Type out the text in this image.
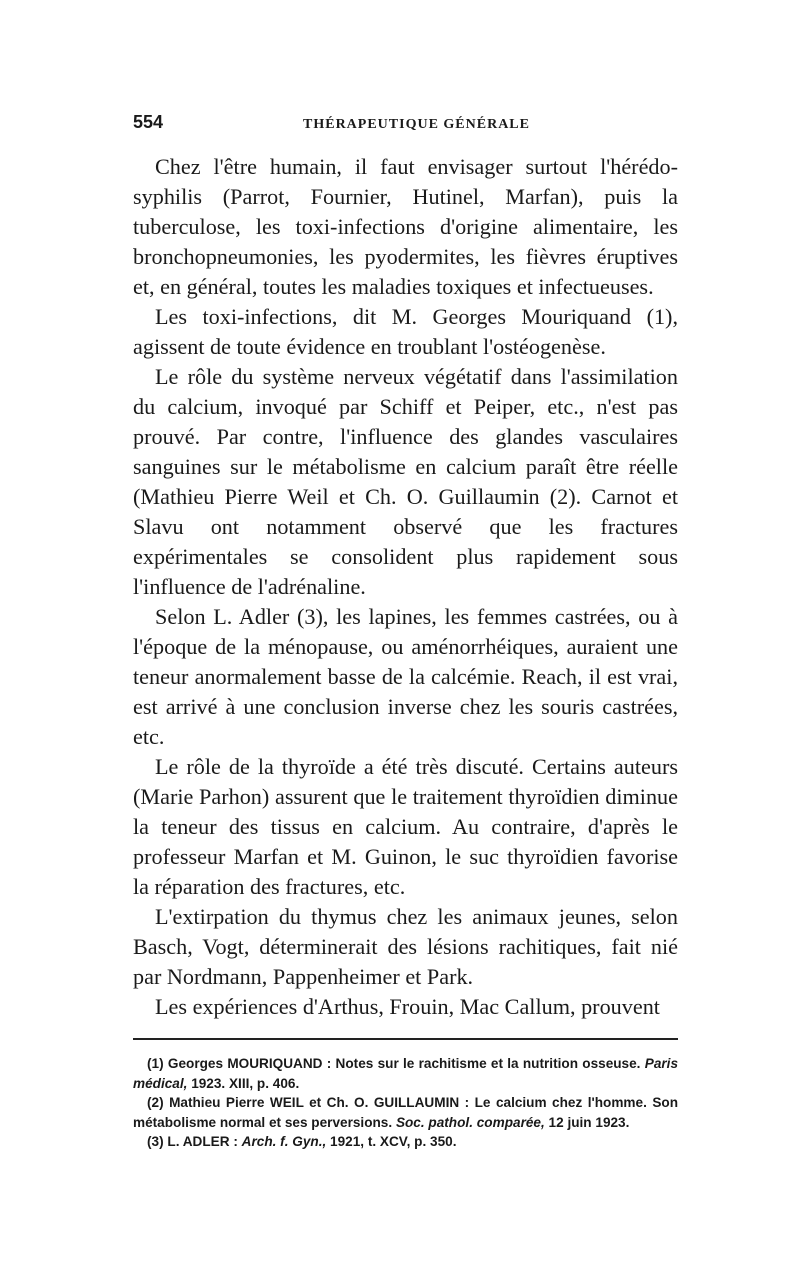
554	THÉRAPEUTIQUE GÉNÉRALE

Chez l'être humain, il faut envisager surtout l'hérédo-syphilis (Parrot, Fournier, Hutinel, Marfan), puis la tuberculose, les toxi-infections d'origine alimentaire, les bronchopneumonies, les pyodermites, les fièvres éruptives et, en général, toutes les maladies toxiques et infectueuses.

Les toxi-infections, dit M. Georges Mouriquand (1), agissent de toute évidence en troublant l'ostéogenèse.

Le rôle du système nerveux végétatif dans l'assimilation du calcium, invoqué par Schiff et Peiper, etc., n'est pas prouvé. Par contre, l'influence des glandes vasculaires sanguines sur le métabolisme en calcium paraît être réelle (Mathieu Pierre Weil et Ch. O. Guillaumin (2). Carnot et Slavu ont notamment observé que les fractures expérimentales se consolident plus rapidement sous l'influence de l'adrénaline.

Selon L. Adler (3), les lapines, les femmes castrées, ou à l'époque de la ménopause, ou aménorrhéiques, auraient une teneur anormalement basse de la calcémie. Reach, il est vrai, est arrivé à une conclusion inverse chez les souris castrées, etc.

Le rôle de la thyroïde a été très discuté. Certains auteurs (Marie Parhon) assurent que le traitement thyroïdien diminue la teneur des tissus en calcium. Au contraire, d'après le professeur Marfan et M. Guinon, le suc thyroïdien favorise la réparation des fractures, etc.

L'extirpation du thymus chez les animaux jeunes, selon Basch, Vogt, déterminerait des lésions rachitiques, fait nié par Nordmann, Pappenheimer et Park.

Les expériences d'Arthus, Frouin, Mac Callum, prouvent

(1) Georges MOURIQUAND : Notes sur le rachitisme et la nutrition osseuse. Paris médical, 1923. XIII, p. 406.

(2) Mathieu Pierre WEIL et Ch. O. GUILLAUMIN : Le calcium chez l'homme. Son métabolisme normal et ses perversions. Soc. pathol. comparée, 12 juin 1923.

(3) L. ADLER : Arch. f. Gyn., 1921, t. XCV, p. 350.
